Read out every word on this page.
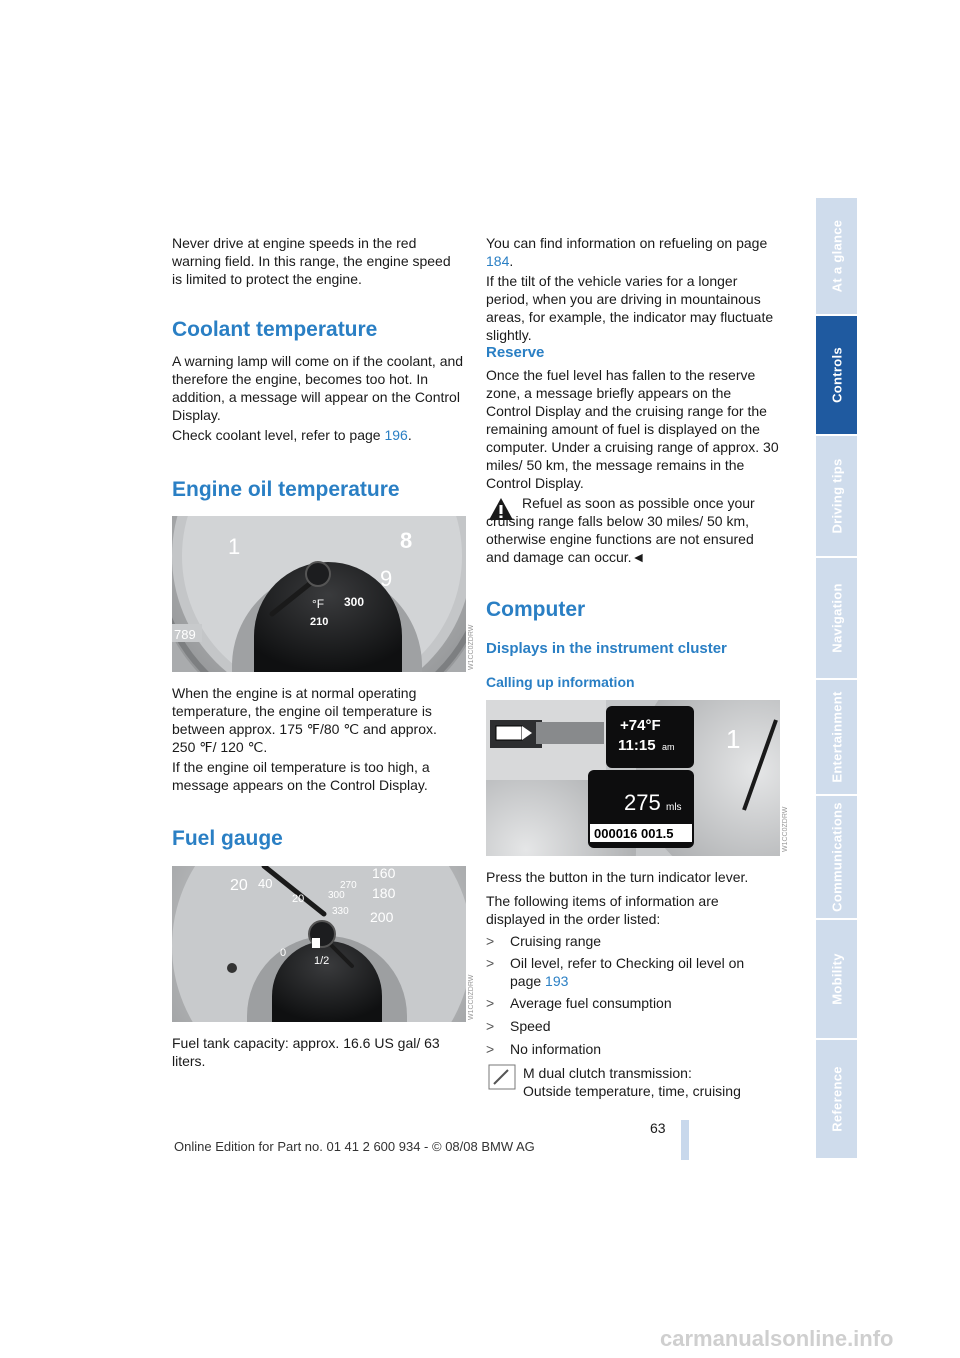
Never drive at engine speeds in the red warning field. In this range, the engine speed is limited to protect the engine.

Coolant temperature

A warning lamp will come on if the coolant, and therefore the engine, becomes too hot. In addition, a message will appear on the Control Display.

Check coolant level, refer to page 196.

Engine oil temperature
1	8
9
°F 300
210
789	W1CC0ZDRW

When the engine is at normal operating temperature, the engine oil temperature is between approx. 175 ℉/80 ℃ and approx. 250 ℉/ 120 ℃.

If the engine oil temperature is too high, a message appears on the Control Display.

Fuel gauge
40
20
20
270
160
300 180
330 200
0
1/2
W1CC0ZDRW

Fuel tank capacity: approx. 16.6 US gal/ 63 liters.

You can find information on refueling on page 184.

If the tilt of the vehicle varies for a longer period, when you are driving in mountainous areas, for example, the indicator may fluctuate slightly.

Reserve

Once the fuel level has fallen to the reserve zone, a message briefly appears on the Control Display and the cruising range for the remaining amount of fuel is displayed on the computer. Under a cruising range of approx. 30 miles/ 50 km, the message remains in the Control Display.

Refuel as soon as possible once your cruising range falls below 30 miles/ 50 km, otherwise engine functions are not ensured and damage can occur.◄

Computer
Displays in the instrument cluster
Calling up information
+74°F
11:15 am
275 mls
000016 001.5
1
W1CC0ZDRW

Press the button in the turn indicator lever.

The following items of information are displayed in the order listed:

> Cruising range
> Oil level, refer to Checking oil level on
page 193
> Average fuel consumption
> Speed
> No information

M dual clutch transmission:

Outside temperature, time, cruising

At a glance
Controls
Driving tips
Navigation
Entertainment
Communications
Mobility
Reference
63
Online Edition for Part no. 01 41 2 600 934 - © 08/08 BMW AG
carmanualsonline.info
